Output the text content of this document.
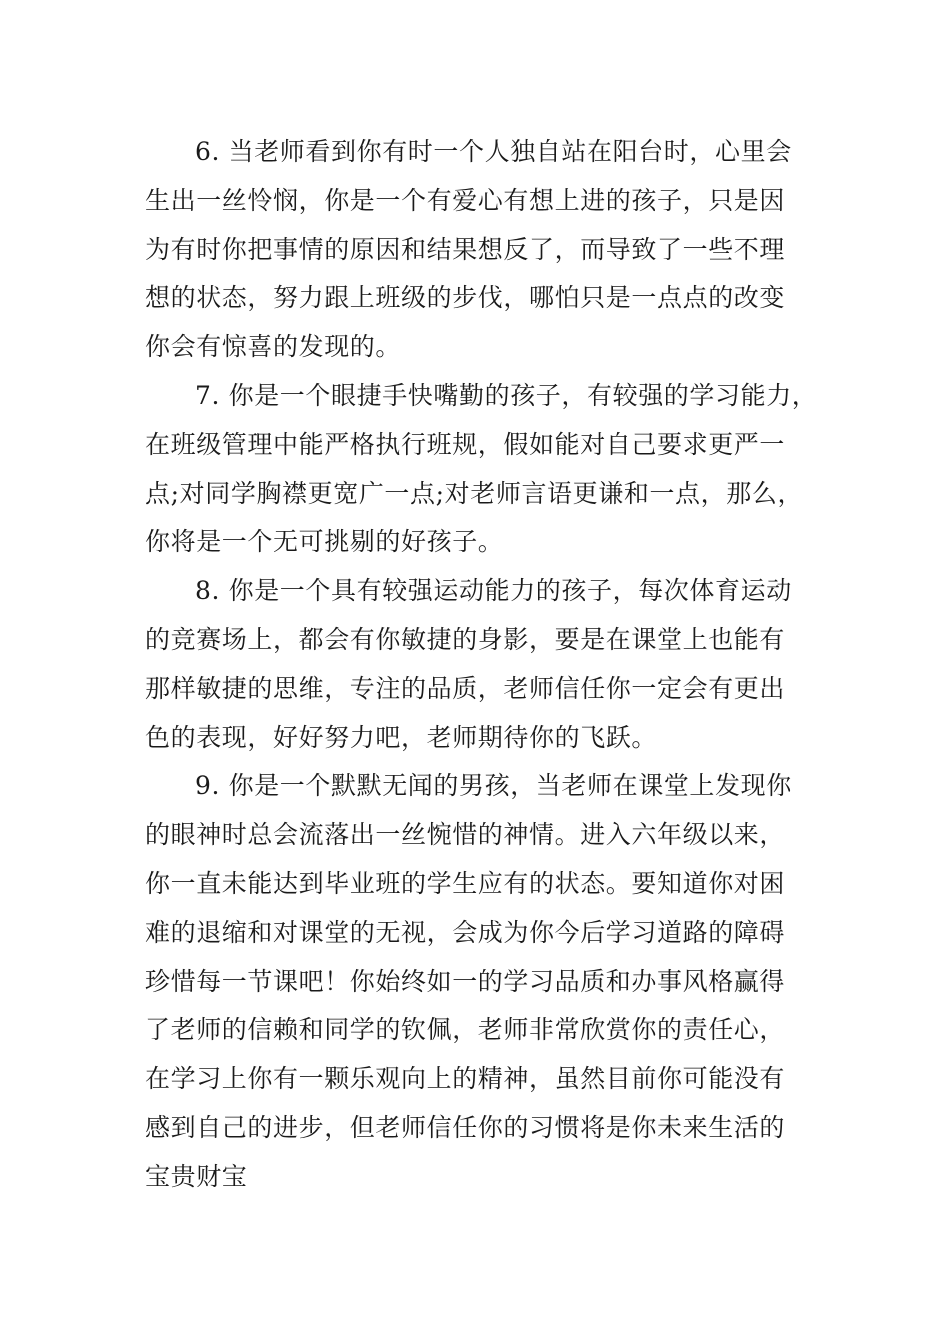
6. 当老师看到你有时一个人独自站在阳台时，心里会
生出一丝怜悯，你是一个有爱心有想上进的孩子，只是因
为有时你把事情的原因和结果想反了，而导致了一些不理
想的状态，努力跟上班级的步伐，哪怕只是一点点的改变
你会有惊喜的发现的。
7. 你是一个眼捷手快嘴勤的孩子，有较强的学习能力，
在班级管理中能严格执行班规，假如能对自己要求更严一
点;对同学胸襟更宽广一点;对老师言语更谦和一点，那么，
你将是一个无可挑剔的好孩子。
8. 你是一个具有较强运动能力的孩子，每次体育运动
的竞赛场上，都会有你敏捷的身影，要是在课堂上也能有
那样敏捷的思维，专注的品质，老师信任你一定会有更出
色的表现，好好努力吧，老师期待你的飞跃。
9. 你是一个默默无闻的男孩，当老师在课堂上发现你
的眼神时总会流落出一丝惋惜的神情。进入六年级以来，
你一直未能达到毕业班的学生应有的状态。要知道你对困
难的退缩和对课堂的无视，会成为你今后学习道路的障碍
珍惜每一节课吧！你始终如一的学习品质和办事风格赢得
了老师的信赖和同学的钦佩，老师非常欣赏你的责任心，
在学习上你有一颗乐观向上的精神，虽然目前你可能没有
感到自己的进步，但老师信任你的习惯将是你未来生活的
宝贵财宝
